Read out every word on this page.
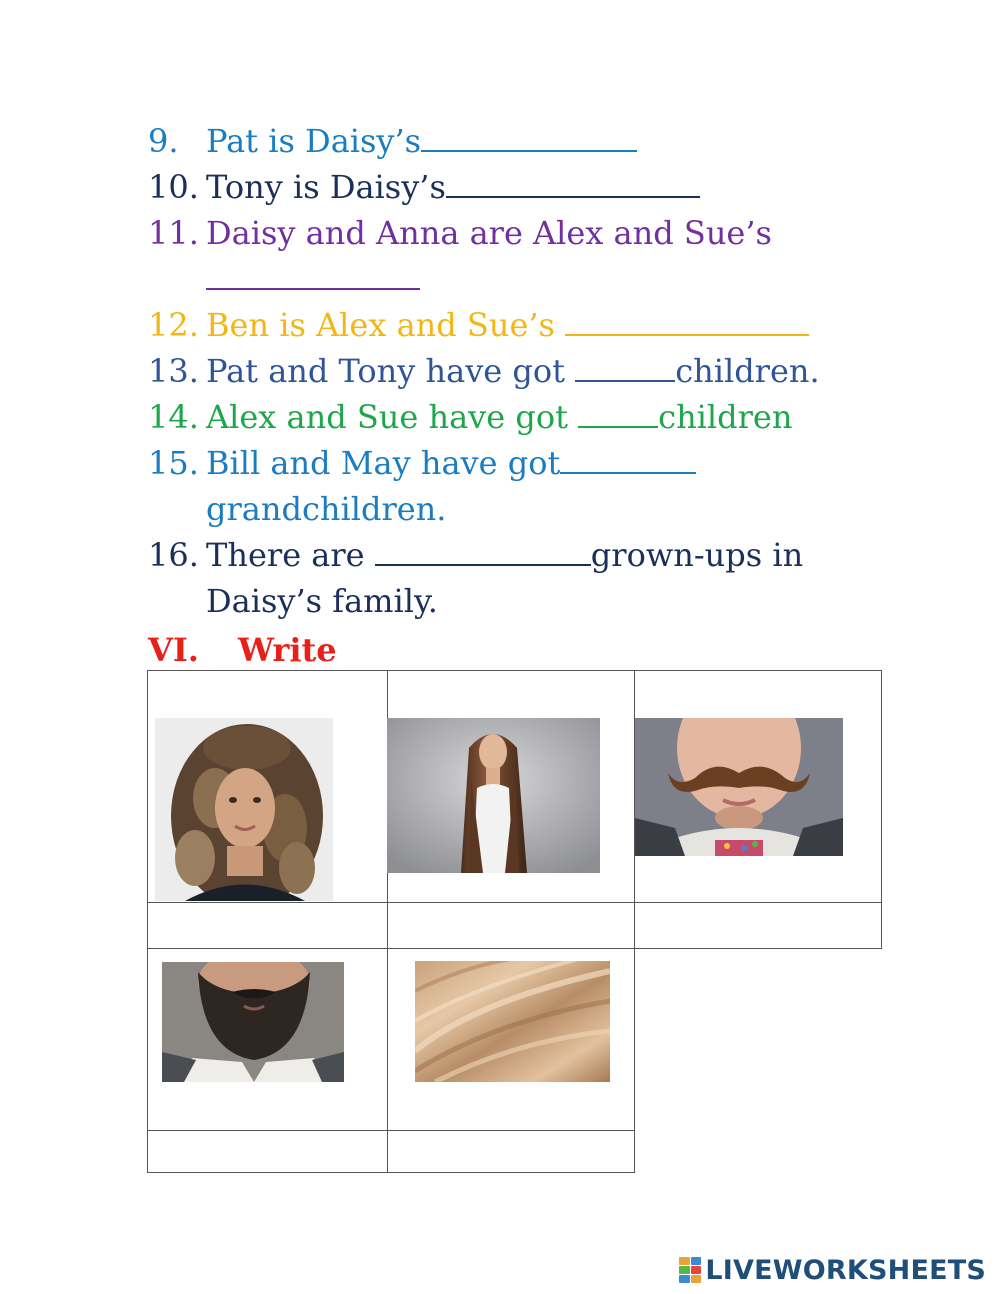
9. Pat is Daisy’s
10. Tony is Daisy’s
11. Daisy and Anna are Alex and Sue’s
12. Ben is Alex and Sue’s
13. Pat and Tony have got	children.
14. Alex and Sue have got	children
15. Bill and May have got
grandchildren.
16. There are	grown-ups in
Daisy’s family.
VI. Write
LIVEWORKSHEETS
